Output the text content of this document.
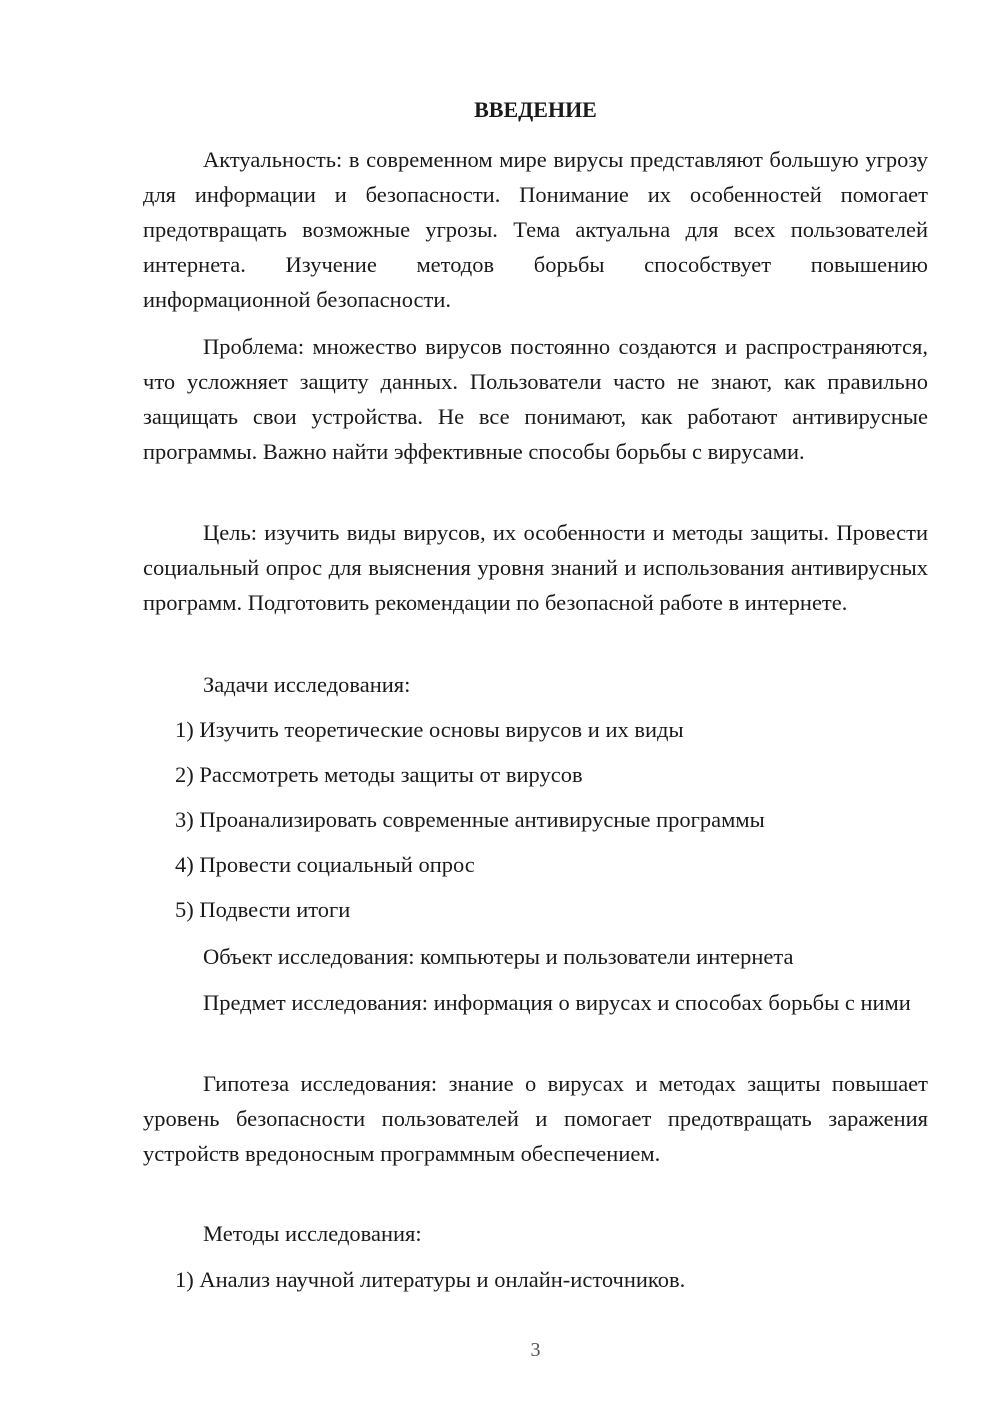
ВВЕДЕНИЕ

Актуальность: в современном мире вирусы представляют большую угрозу для информации и безопасности. Понимание их особенностей помогает предотвращать возможные угрозы. Тема актуальна для всех пользователей интернета. Изучение методов борьбы способствует повышению информационной безопасности.

Проблема: множество вирусов постоянно создаются и распространяются, что усложняет защиту данных. Пользователи часто не знают, как правильно защищать свои устройства. Не все понимают, как работают антивирусные программы. Важно найти эффективные способы борьбы с вирусами.

Цель: изучить виды вирусов, их особенности и методы защиты. Провести социальный опрос для выяснения уровня знаний и использования антивирусных программ. Подготовить рекомендации по безопасной работе в интернете.

Задачи исследования:

1) Изучить теоретические основы вирусов и их виды

2) Рассмотреть методы защиты от вирусов

3) Проанализировать современные антивирусные программы

4) Провести социальный опрос

5) Подвести итоги

Объект исследования: компьютеры и пользователи интернета

Предмет исследования: информация о вирусах и способах борьбы с ними

Гипотеза исследования: знание о вирусах и методах защиты повышает уровень безопасности пользователей и помогает предотвращать заражения устройств вредоносным программным обеспечением.

Методы исследования:

1) Анализ научной литературы и онлайн-источников.

3
